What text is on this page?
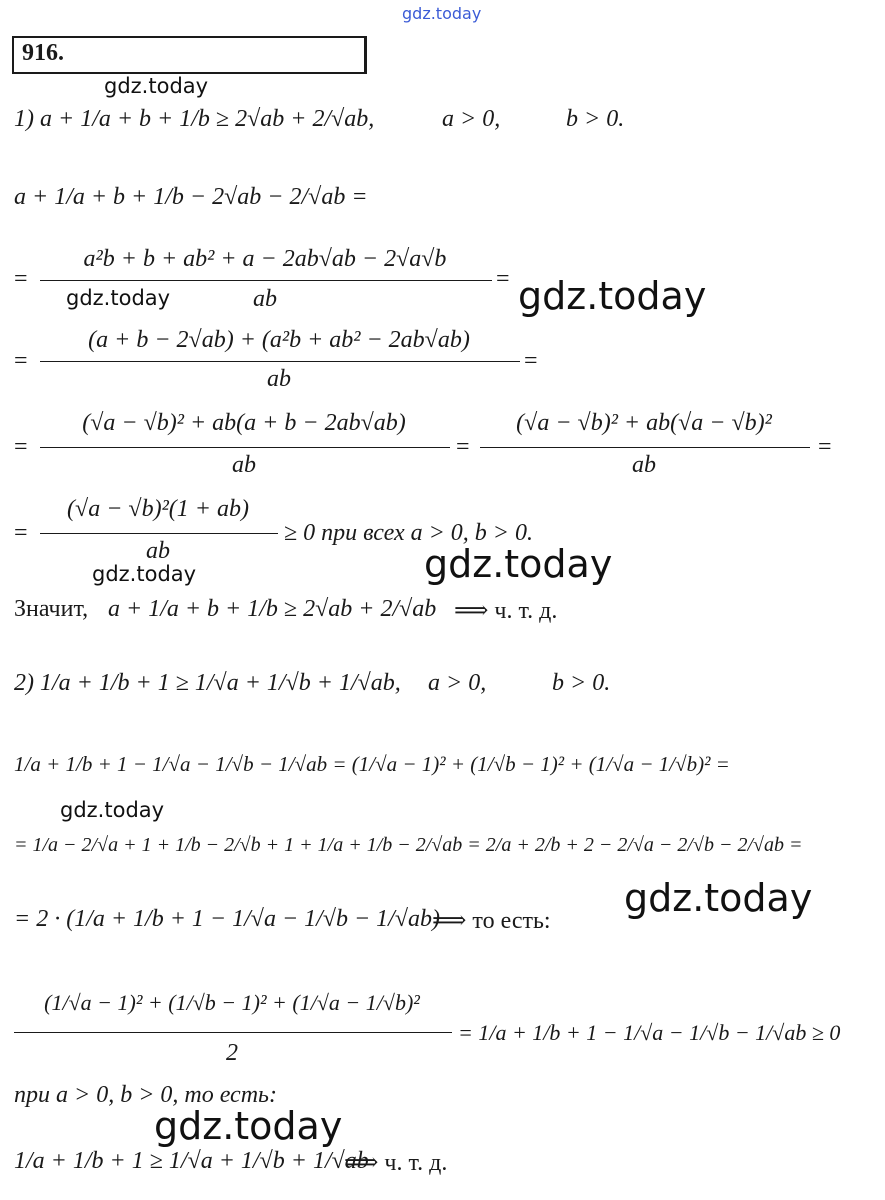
gdz.today
916.
1) a + 1/a + b + 1/b ≥ 2√ab + 2/√ab,	a > 0,	b > 0.
a + 1/a + b + 1/b − 2√ab − 2/√ab =
=
a²b + b + ab² + a − 2ab√ab − 2√a√b
ab
=
=
(a + b − 2√ab) + (a²b + ab² − 2ab√ab)
ab
=
=
(√a − √b)² + ab(a + b − 2ab√ab)
ab
=
(√a − √b)² + ab(√a − √b)²
ab
=
=
(√a − √b)²(1 + ab)
ab
≥ 0 при всех a > 0, b > 0.
Значит, a + 1/a + b + 1/b ≥ 2√ab + 2/√ab ⟹ ч. т. д.
2) 1/a + 1/b + 1 ≥ 1/√a + 1/√b + 1/√ab, a > 0,	b > 0.
1/a + 1/b + 1 − 1/√a − 1/√b − 1/√ab = (1/√a − 1)² + (1/√b − 1)² + (1/√a − 1/√b)² =
= 1/a − 2/√a + 1 + 1/b − 2/√b + 1 + 1/a + 1/b − 2/√ab = 2/a + 2/b + 2 − 2/√a − 2/√b − 2/√ab =
= 2 · (1/a + 1/b + 1 − 1/√a − 1/√b − 1/√ab)
⟹ то есть:
(1/√a − 1)² + (1/√b − 1)² + (1/√a − 1/√b)²
2
= 1/a + 1/b + 1 − 1/√a − 1/√b − 1/√ab ≥ 0
при a > 0, b > 0, то есть:
1/a + 1/b + 1 ≥ 1/√a + 1/√b + 1/√ab
⟹ ч. т. д.
gdz.today
gdz.today	gdz.today
gdz.today
gdz.today
gdz.today
gdz.today
gdz.today
